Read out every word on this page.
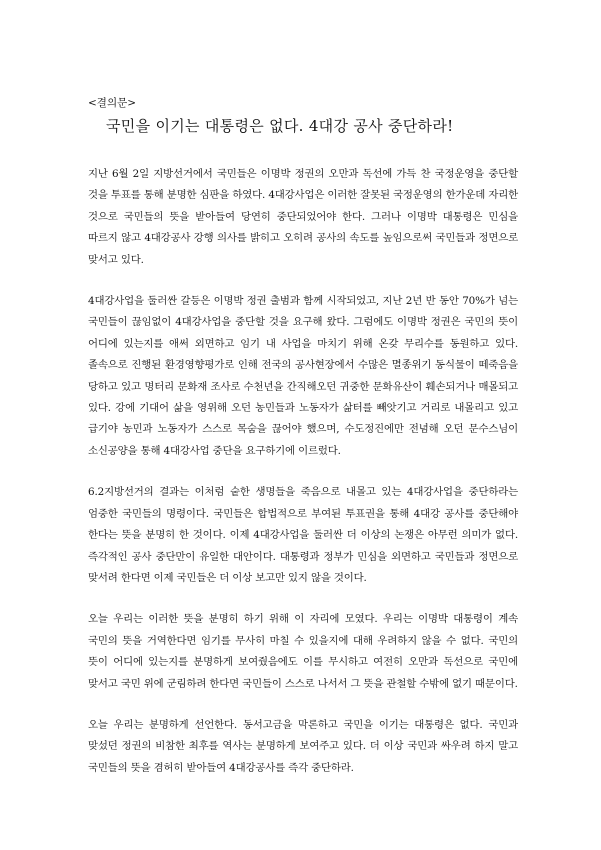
<결의문>

국민을 이기는 대통령은 없다. 4대강 공사 중단하라!

지난 6월 2일 지방선거에서 국민들은 이명박 정권의 오만과 독선에 가득 찬 국정운영을 중단할 것을 투표를 통해 분명한 심판을 하였다. 4대강사업은 이러한 잘못된 국정운영의 한가운데 자리한 것으로 국민들의 뜻을 받아들여 당연히 중단되었어야 한다. 그러나 이명박 대통령은 민심을 따르지 않고 4대강공사 강행 의사를 밝히고 오히려 공사의 속도를 높임으로써 국민들과 정면으로 맞서고 있다.

4대강사업을 둘러싼 갈등은 이명박 정권 출범과 함께 시작되었고, 지난 2년 반 동안 70%가 넘는 국민들이 끊임없이 4대강사업을 중단할 것을 요구해 왔다. 그럼에도 이명박 정권은 국민의 뜻이 어디에 있는지를 애써 외면하고 임기 내 사업을 마치기 위해 온갖 무리수를 동원하고 있다. 졸속으로 진행된 환경영향평가로 인해 전국의 공사현장에서 수많은 멸종위기 동식물이 떼죽음을 당하고 있고 명터리 문화재 조사로 수천년을 간직해오던 귀중한 문화유산이 훼손되거나 매몰되고 있다. 강에 기대어 삶을 영위해 오던 농민들과 노동자가 삶터를 빼앗기고 거리로 내몰리고 있고 급기야 농민과 노동자가 스스로 목숨을 끊어야 했으며, 수도정진에만 전념해 오던 문수스님이 소신공양을 통해 4대강사업 중단을 요구하기에 이르렀다.

6.2지방선거의 결과는 이처럼 숱한 생명들을 죽음으로 내몰고 있는 4대강사업을 중단하라는 엄중한 국민들의 명령이다. 국민들은 합법적으로 부여된 투표권을 통해 4대강 공사를 중단해야 한다는 뜻을 분명히 한 것이다. 이제 4대강사업을 둘러싼 더 이상의 논쟁은 아무런 의미가 없다. 즉각적인 공사 중단만이 유일한 대안이다. 대통령과 정부가 민심을 외면하고 국민들과 정면으로 맞서려 한다면 이제 국민들은 더 이상 보고만 있지 않을 것이다.

오늘 우리는 이러한 뜻을 분명히 하기 위해 이 자리에 모였다. 우리는 이명박 대통령이 계속 국민의 뜻을 거역한다면 임기를 무사히 마칠 수 있을지에 대해 우려하지 않을 수 없다. 국민의 뜻이 어디에 있는지를 분명하게 보여줬음에도 이를 무시하고 여전히 오만과 독선으로 국민에 맞서고 국민 위에 군림하려 한다면 국민들이 스스로 나서서 그 뜻을 관철할 수밖에 없기 때문이다.

오늘 우리는 분명하게 선언한다. 동서고금을 막론하고 국민을 이기는 대통령은 없다. 국민과 맞섰던 정권의 비참한 최후를 역사는 분명하게 보여주고 있다. 더 이상 국민과 싸우려 하지 말고 국민들의 뜻을 겸허히 받아들여 4대강공사를 즉각 중단하라.
